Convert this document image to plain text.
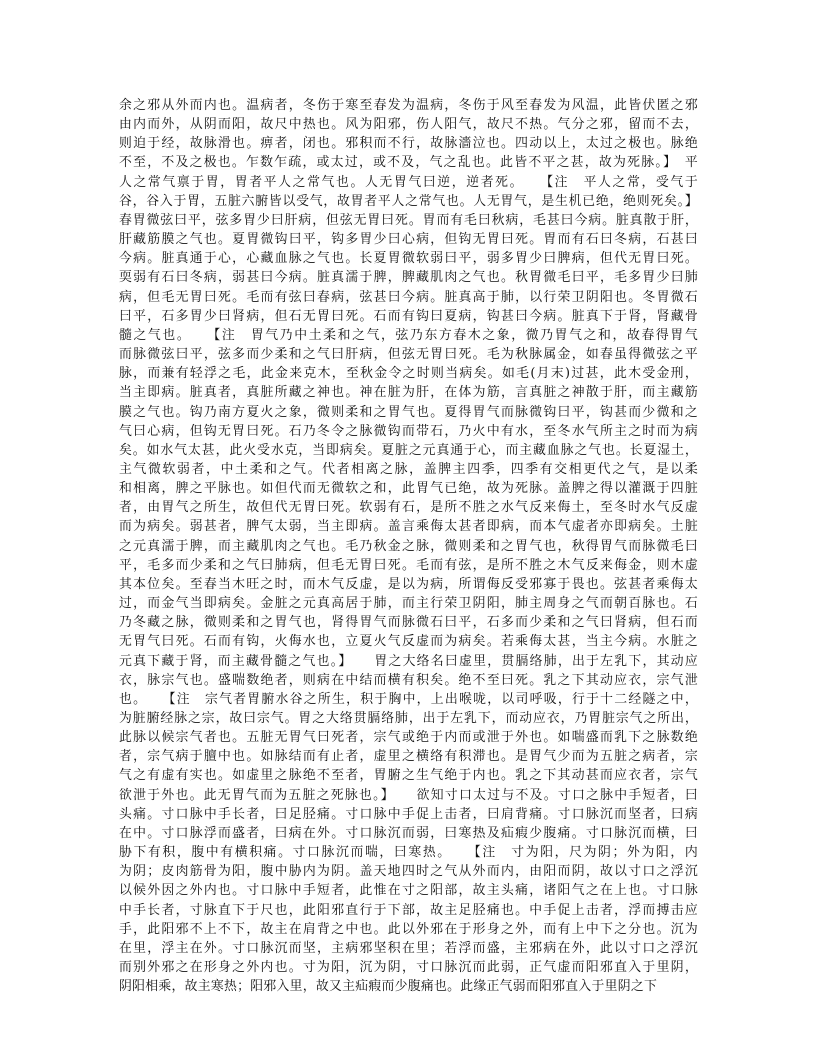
余之邪从外而内也。温病者，冬伤于寒至春发为温病，冬伤于风至春发为风温，此皆伏匿之邪

由内而外，从阴而阳，故尺中热也。风为阳邪，伤人阳气，故尺不热。气分之邪，留而不去，

则迫于经，故脉滑也。痹者，闭也。邪积而不行，故脉濇泣也。四动以上，太过之极也。脉绝

不至，不及之极也。乍数乍疏，或太过，或不及，气之乱也。此皆不平之甚，故为死脉。】　平

人之常气禀于胃，胃者平人之常气也。人无胃气曰逆，逆者死。　　【注　平人之常，受气于

谷，谷入于胃，五脏六腑皆以受气，故胃者平人之常气也。人无胃气，是生机已绝，绝则死矣。】

春胃微弦曰平，弦多胃少曰肝病，但弦无胃曰死。胃而有毛曰秋病，毛甚曰今病。脏真散于肝，

肝藏筋膜之气也。夏胃微钩曰平，钩多胃少曰心病，但钩无胃曰死。胃而有石曰冬病，石甚曰

今病。脏真通于心，心藏血脉之气也。长夏胃微软弱曰平，弱多胃少曰脾病，但代无胃曰死。

耎弱有石曰冬病，弱甚曰今病。脏真濡于脾，脾藏肌肉之气也。秋胃微毛曰平，毛多胃少曰肺

病，但毛无胃曰死。毛而有弦曰春病，弦甚曰今病。脏真高于肺，以行荣卫阴阳也。冬胃微石

曰平，石多胃少曰肾病，但石无胃曰死。石而有钩曰夏病，钩甚曰今病。脏真下于肾，肾藏骨

髓之气也。　　【注　胃气乃中土柔和之气，弦乃东方春木之象，微乃胃气之和，故春得胃气

而脉微弦曰平，弦多而少柔和之气曰肝病，但弦无胃曰死。毛为秋脉属金，如春虽得微弦之平

脉，而兼有轻浮之毛，此金来克木，至秋金令之时则当病矣。如毛(月末)过甚，此木受金刑，

当主即病。脏真者，真脏所藏之神也。神在脏为肝，在体为筋，言真脏之神散于肝，而主藏筋

膜之气也。钩乃南方夏火之象，微则柔和之胃气也。夏得胃气而脉微钩曰平，钩甚而少微和之

气曰心病，但钩无胃曰死。石乃冬令之脉微钩而带石，乃火中有水，至冬水气所主之时而为病

矣。如水气太甚，此火受水克，当即病矣。夏脏之元真通于心，而主藏血脉之气也。长夏湿土，

主气微软弱者，中土柔和之气。代者相离之脉，盖脾主四季，四季有交相更代之气，是以柔

和相离，脾之平脉也。如但代而无微软之和，此胃气已绝，故为死脉。盖脾之得以灌溉于四脏

者，由胃气之所生，故但代无胃曰死。软弱有石，是所不胜之水气反来侮土，至冬时水气反虚

而为病矣。弱甚者，脾气太弱，当主即病。盖言乘侮太甚者即病，而本气虚者亦即病矣。土脏

之元真濡于脾，而主藏肌肉之气也。毛乃秋金之脉，微则柔和之胃气也，秋得胃气而脉微毛曰

平，毛多而少柔和之气曰肺病，但毛无胃曰死。毛而有弦，是所不胜之木气反来侮金，则木虚

其本位矣。至春当木旺之时，而木气反虚，是以为病，所谓侮反受邪寡于畏也。弦甚者乘侮太

过，而金气当即病矣。金脏之元真高居于肺，而主行荣卫阴阳，肺主周身之气而朝百脉也。石

乃冬藏之脉，微则柔和之胃气也，肾得胃气而脉微石曰平，石多而少柔和之气曰肾病，但石而

无胃气曰死。石而有钩，火侮水也，立夏火气反虚而为病矣。若乘侮太甚，当主今病。水脏之

元真下藏于肾，而主藏骨髓之气也。】　　胃之大络名曰虚里，贯膈络肺，出于左乳下，其动应

衣，脉宗气也。盛喘数绝者，则病在中结而横有积矣。绝不至曰死。乳之下其动应衣，宗气泄

也。　　【注　宗气者胃腑水谷之所生，积于胸中，上出喉咙，以司呼吸，行于十二经隧之中，

为脏腑经脉之宗，故曰宗气。胃之大络贯膈络肺，出于左乳下，而动应衣，乃胃脏宗气之所出，

此脉以候宗气者也。五脏无胃气曰死者，宗气或绝于内而或泄于外也。如喘盛而乳下之脉数绝

者，宗气病于膻中也。如脉结而有止者，虚里之横络有积滞也。是胃气少而为五脏之病者，宗

气之有虚有实也。如虚里之脉绝不至者，胃腑之生气绝于内也。乳之下其动甚而应衣者，宗气

欲泄于外也。此无胃气而为五脏之死脉也。】　　欲知寸口太过与不及。寸口之脉中手短者，曰

头痛。寸口脉中手长者，曰足胫痛。寸口脉中手促上击者，曰肩背痛。寸口脉沉而坚者，曰病

在中。寸口脉浮而盛者，曰病在外。寸口脉沉而弱，曰寒热及疝瘕少腹痛。寸口脉沉而横，曰

胁下有积，腹中有横积痛。寸口脉沉而喘，曰寒热。　　【注　寸为阳，尺为阴；外为阳，内

为阴；皮肉筋骨为阳，腹中胁内为阴。盖天地四时之气从外而内，由阳而阴，故以寸口之浮沉

以候外因之外内也。寸口脉中手短者，此惟在寸之阳部，故主头痛，诸阳气之在上也。寸口脉

中手长者，寸脉直下于尺也，此阳邪直行于下部，故主足胫痛也。中手促上击者，浮而搏击应

手，此阳邪不上不下，故主在肩背之中也。此以外邪在于形身之外，而有上中下之分也。沉为

在里，浮主在外。寸口脉沉而坚，主病邪坚积在里；若浮而盛，主邪病在外，此以寸口之浮沉

而别外邪之在形身之外内也。寸为阳，沉为阴，寸口脉沉而此弱，正气虚而阳邪直入于里阴，

阴阳相乘，故主寒热；阳邪入里，故又主疝瘕而少腹痛也。此缘正气弱而阳邪直入于里阴之下
